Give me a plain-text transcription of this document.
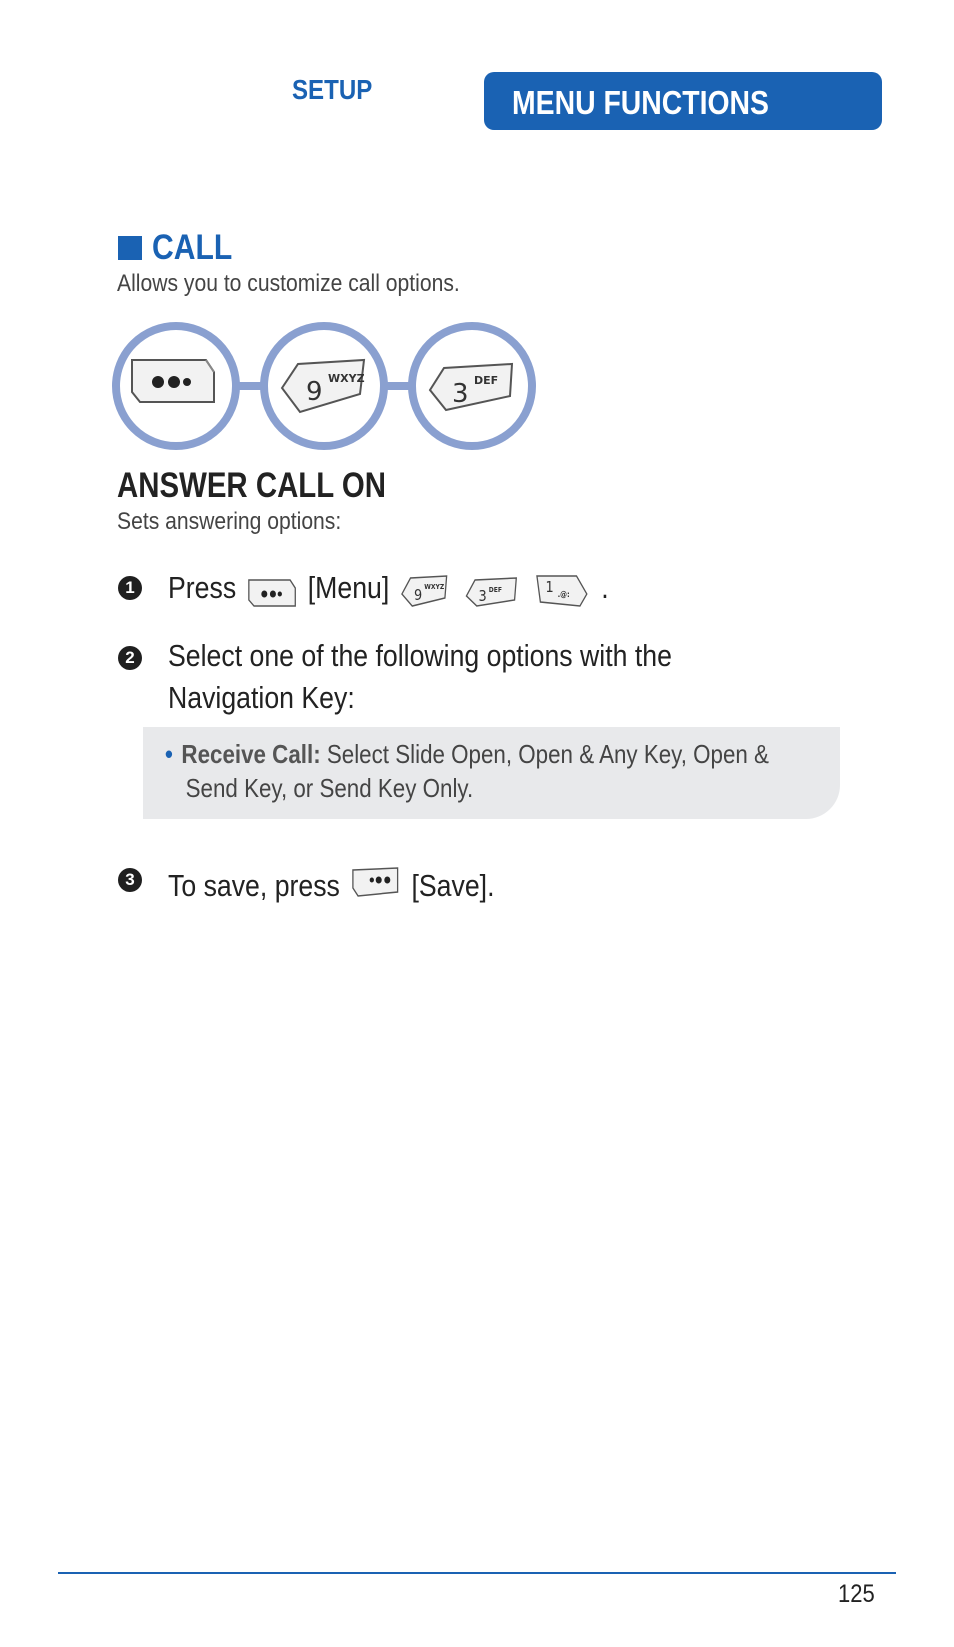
SETUP	MENU FUNCTIONS
CALL
Allows you to customize call options.
9 WXYZ
3 DEF
ANSWER CALL ON
Sets answering options:
1 Press [Menu] 9
WXYZ

3 DEF
	1 .@: .
2 Select one of the following options with the
Navigation Key:
• Receive Call: Select Slide Open, Open & Any Key, Open &
Send Key, or Send Key Only.
3 To save, press [Save].
125
